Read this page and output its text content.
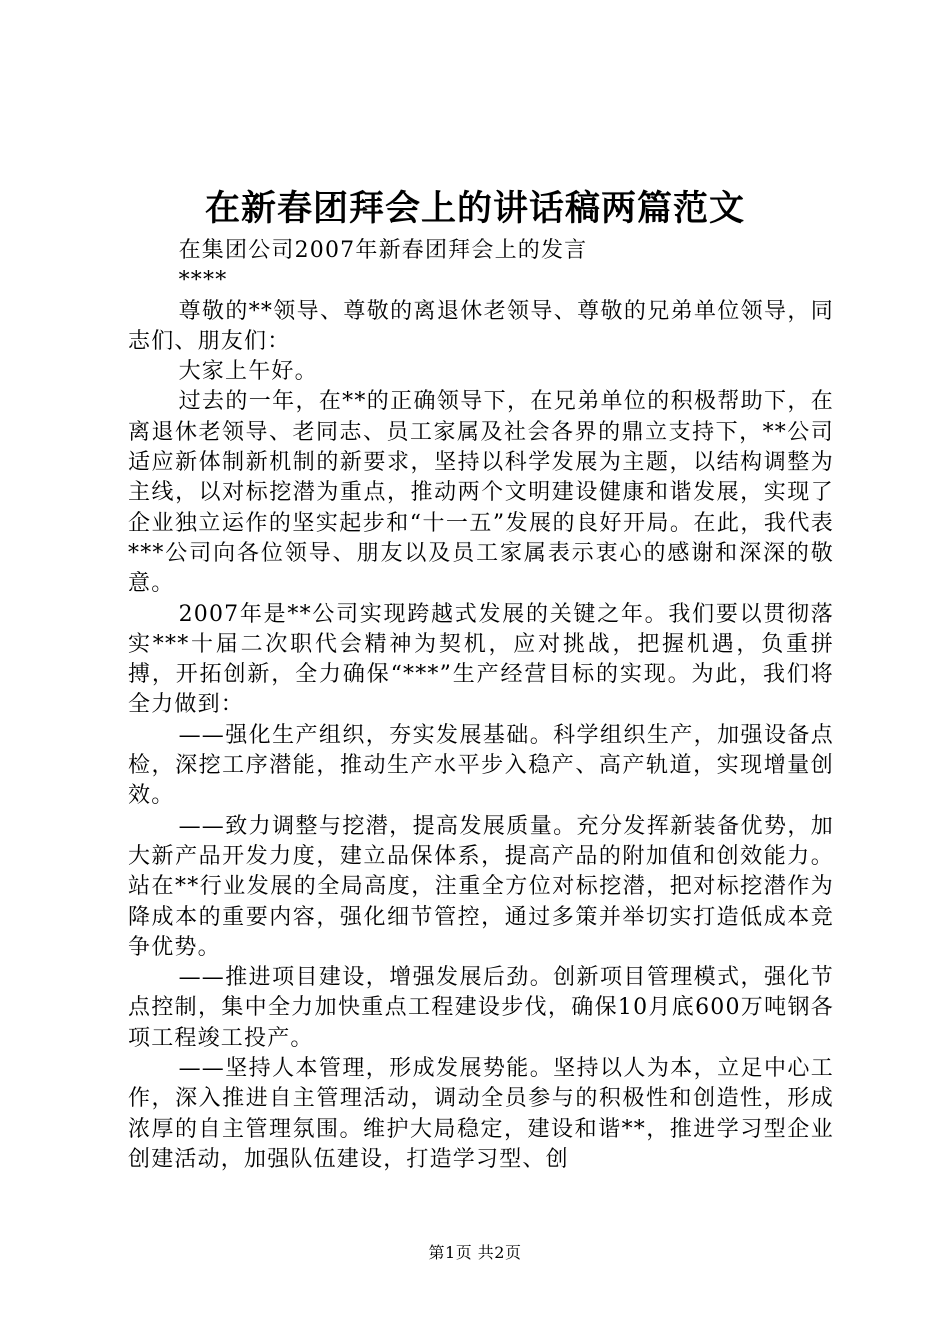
在新春团拜会上的讲话稿两篇范文

在集团公司2007年新春团拜会上的发言

****

尊敬的**领导、尊敬的离退休老领导、尊敬的兄弟单位领导，同志们、朋友们：

大家上午好。

过去的一年，在**的正确领导下，在兄弟单位的积极帮助下，在离退休老领导、老同志、员工家属及社会各界的鼎立支持下，**公司适应新体制新机制的新要求，坚持以科学发展为主题，以结构调整为主线，以对标挖潜为重点，推动两个文明建设健康和谐发展，实现了企业独立运作的坚实起步和“十一五”发展的良好开局。在此，我代表***公司向各位领导、朋友以及员工家属表示衷心的感谢和深深的敬意。

2007年是**公司实现跨越式发展的关键之年。我们要以贯彻落实***十届二次职代会精神为契机，应对挑战，把握机遇，负重拼搏，开拓创新，全力确保“***”生产经营目标的实现。为此，我们将全力做到：

——强化生产组织，夯实发展基础。科学组织生产，加强设备点检，深挖工序潜能，推动生产水平步入稳产、高产轨道，实现增量创效。

——致力调整与挖潜，提高发展质量。充分发挥新装备优势，加大新产品开发力度，建立品保体系，提高产品的附加值和创效能力。站在**行业发展的全局高度，注重全方位对标挖潜，把对标挖潜作为降成本的重要内容，强化细节管控，通过多策并举切实打造低成本竞争优势。

——推进项目建设，增强发展后劲。创新项目管理模式，强化节点控制，集中全力加快重点工程建设步伐，确保10月底600万吨钢各项工程竣工投产。

——坚持人本管理，形成发展势能。坚持以人为本，立足中心工作，深入推进自主管理活动，调动全员参与的积极性和创造性，形成浓厚的自主管理氛围。维护大局稳定，建设和谐**，推进学习型企业创建活动，加强队伍建设，打造学习型、创

第1页 共2页
